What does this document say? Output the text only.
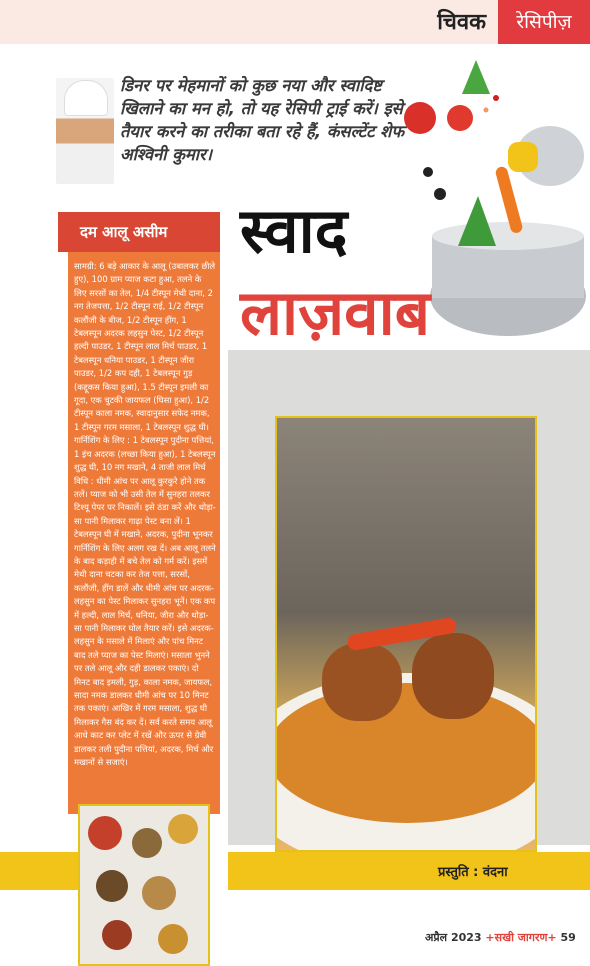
चिवक	रेसिपीज़
डिनर पर मेहमानों को कुछ नया और स्वादिष्ट खिलाने का मन हो, तो यह रेसिपी ट्राई करें। इसे तैयार करने का तरीका बता रहे हैं, कंसल्टेंट शेफ अश्विनी कुमार।
स्वाद
लाज़वाब
दम आलू असीम
सामग्री: 6 बड़े आकार के आलू (उबालकर छीले हुए), 100 ग्राम प्याज कटा हुआ, तलने के लिए सरसों का तेल, 1/4 टीस्पून मेथी दाना, 2 नग तेजपत्ता, 1/2 टीस्पून राई, 1/2 टीस्पून कलौंजी के बीज, 1/2 टीस्पून हींग, 1 टेबलस्पून अदरक लहसुन पेस्ट, 1/2 टीस्पून हल्दी पाउडर, 1 टीस्पून लाल मिर्च पाउडर, 1 टेबलस्पून धनिया पाउडर, 1 टीस्पून जीरा पाउडर, 1/2 कप दही, 1 टेबलस्पून गुड़ (कद्दूकस किया हुआ), 1.5 टीस्पून इमली का गूदा, एक चुटकी जायफल (घिसा हुआ), 1/2 टीस्पून काला नमक, स्वादानुसार सफेद नमक, 1 टीस्पून गरम मसाला, 1 टेबलस्पून शुद्ध घी। गार्निशिंग के लिए : 1 टेबलस्पून पुदीना पत्तियां, 1 इंच अदरक (लच्छा किया हुआ), 1 टेबलस्पून शुद्ध घी, 10 नग मखाने, 4 ताजी लाल मिर्च विधि : धीमी आंच पर आलू कुरकुरे होने तक तलें। प्याज को भी उसी तेल में सुनहरा तलकर टिश्यू पेपर पर निकालें। इसे ठंडा करें और थोड़ा-सा पानी मिलाकर गाढ़ा पेस्ट बना लें। 1 टेबलस्पून घी में मखाने, अदरक, पुदीना भूनकर गार्निशिंग के लिए अलग रख दें। अब आलू तलने के बाद कड़ाही में बचे तेल को गर्म करें। इसमें मेथी दाना चटका कर तेज पत्ता, सरसों, कलौंजी, हींग डालें और धीमी आंच पर अदरक-लहसुन का पेस्ट मिलाकर सुनहरा भूनें। एक कप में हल्दी, लाल मिर्च, धनिया, जीरा और थोड़ा-सा पानी मिलाकर घोल तैयार करें। इसे अदरक-लहसुन के मसाले में मिलाएं और पांच मिनट बाद तले प्याज का पेस्ट मिलाएं। मसाला भुनने पर तले आलू और दही डालकर पकाएं। दो मिनट बाद इमली, गुड़, काला नमक, जायफल, सादा नमक डालकर धीमी आंच पर 10 मिनट तक पकाएं। आखिर में गरम मसाला, शुद्ध घी मिलाकर गैस बंद कर दें। सर्व करते समय आलू आधे काट कर प्लेट में रखें और ऊपर से ग्रेवी डालकर तली पुदीना पत्तियां, अदरक, मिर्च और मखानों से सजाएं।
प्रस्तुति : वंदना
अप्रैल 2023 +सखी जागरण+ 59
